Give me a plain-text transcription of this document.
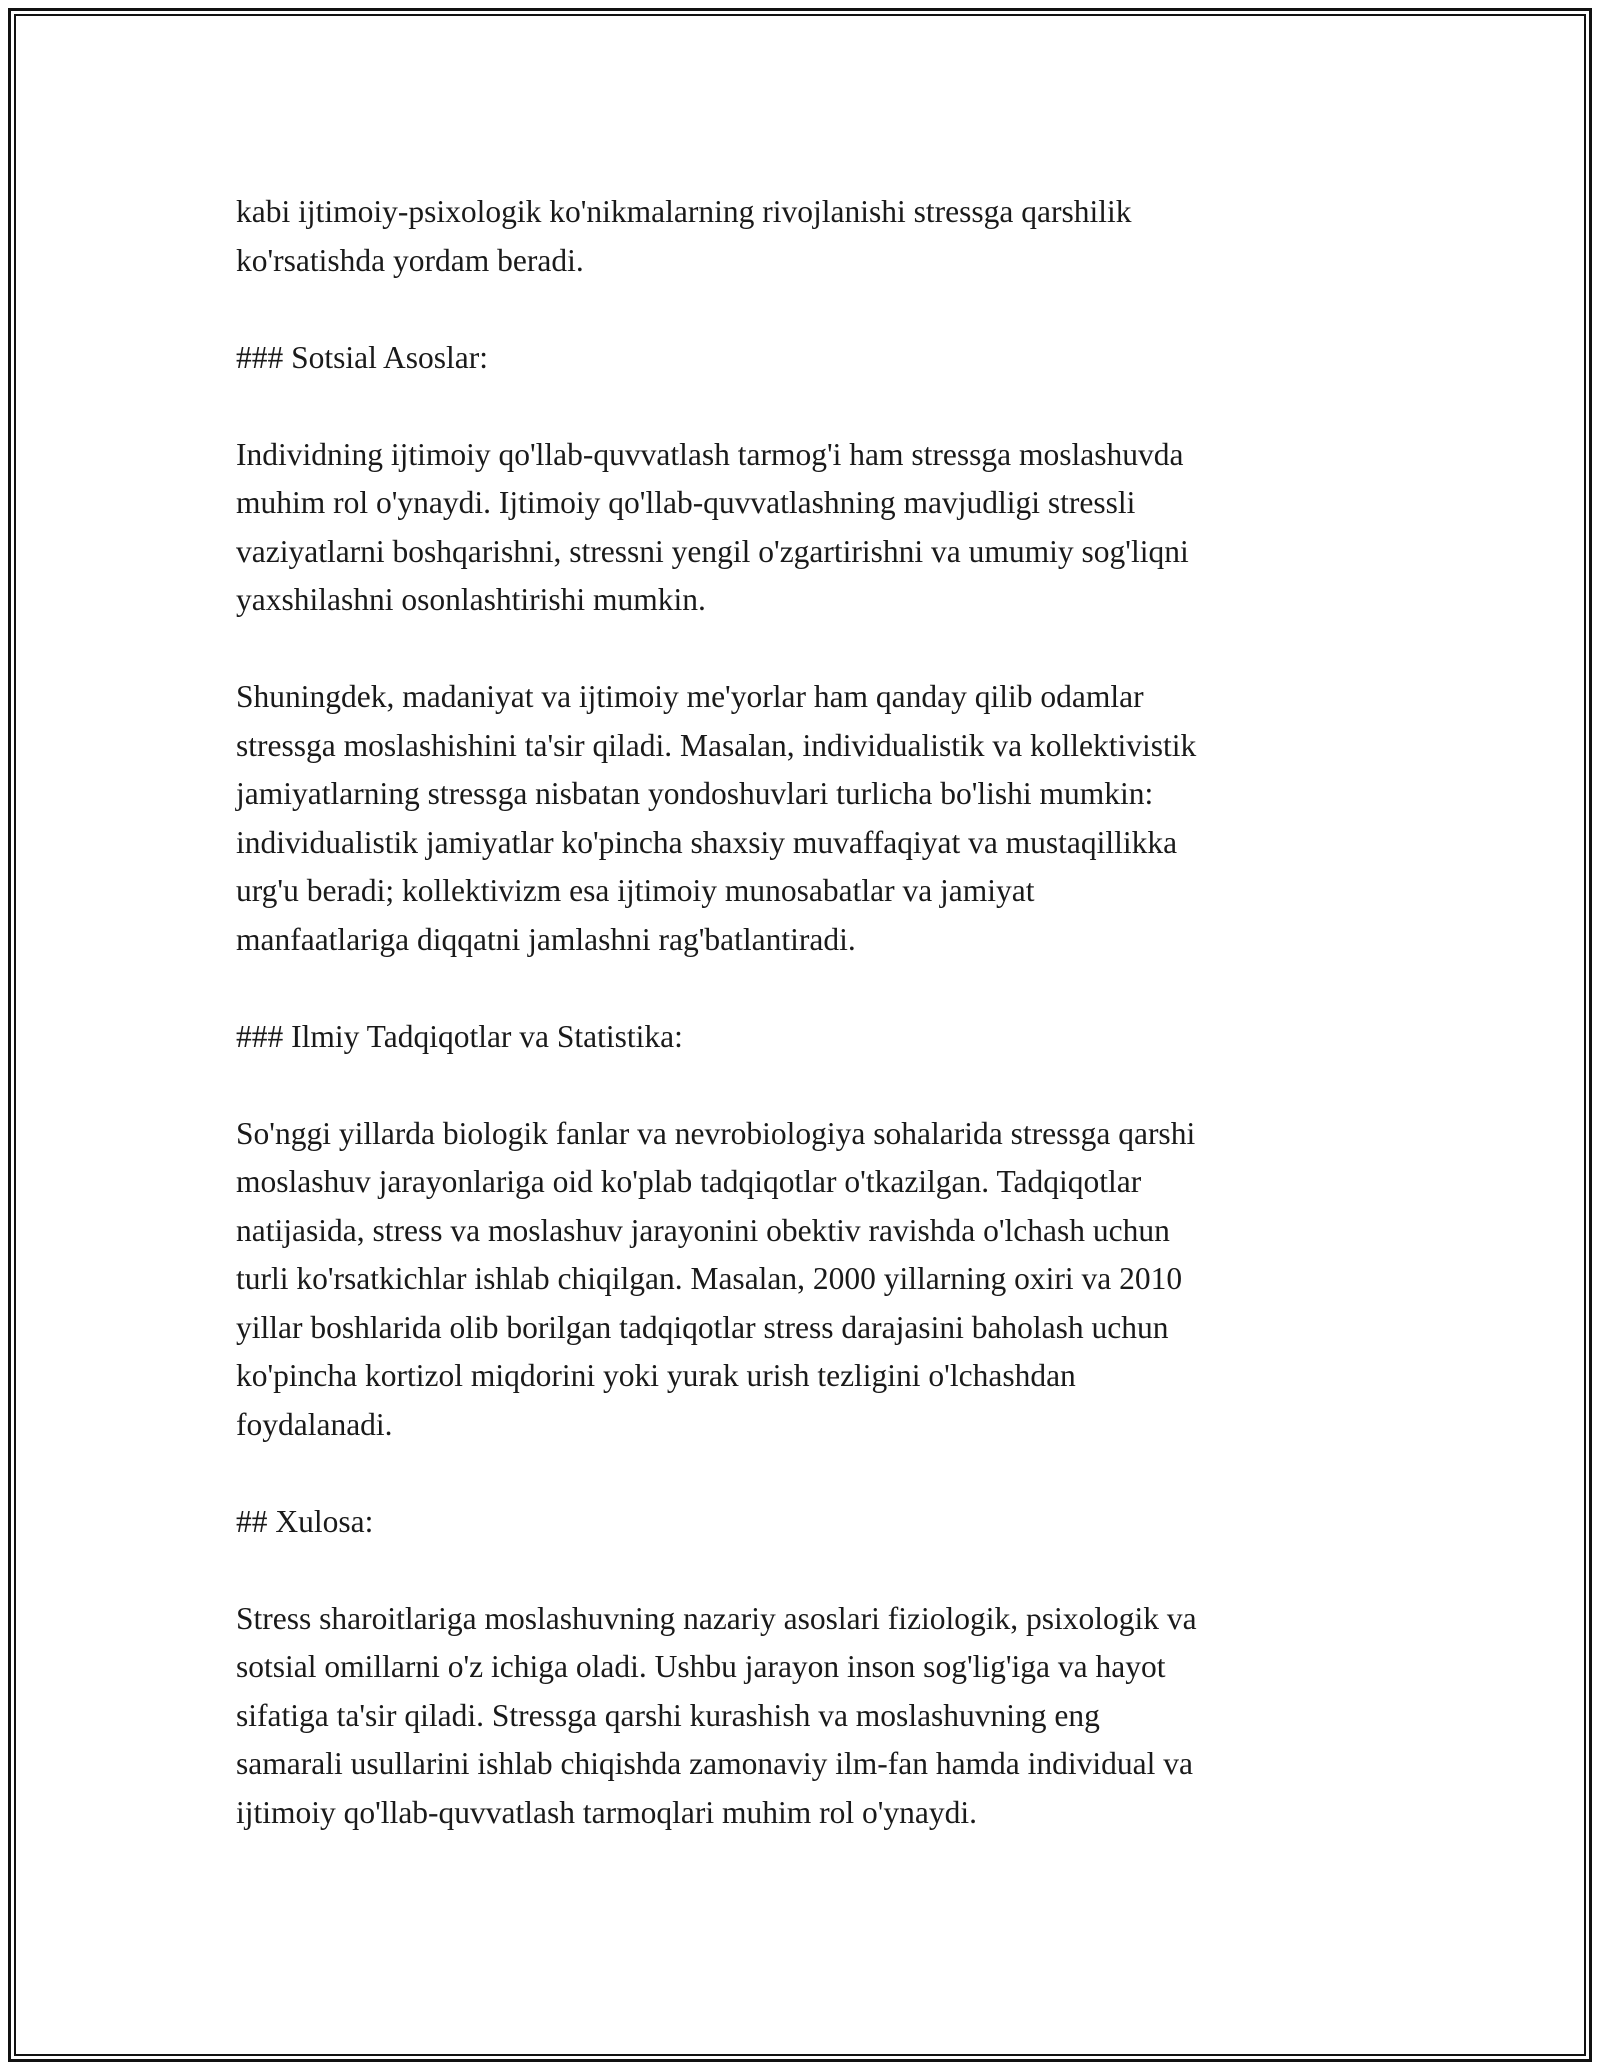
kabi ijtimoiy-psixologik ko'nikmalarning rivojlanishi stressga qarshilik
ko'rsatishda yordam beradi.
### Sotsial Asoslar:
Individning ijtimoiy qo'llab-quvvatlash tarmog'i ham stressga moslashuvda
muhim rol o'ynaydi. Ijtimoiy qo'llab-quvvatlashning mavjudligi stressli
vaziyatlarni boshqarishni, stressni yengil o'zgartirishni va umumiy sog'liqni
yaxshilashni osonlashtirishi mumkin.
Shuningdek, madaniyat va ijtimoiy me'yorlar ham qanday qilib odamlar
stressga moslashishini ta'sir qiladi. Masalan, individualistik va kollektivistik
jamiyatlarning stressga nisbatan yondoshuvlari turlicha bo'lishi mumkin:
individualistik jamiyatlar ko'pincha shaxsiy muvaffaqiyat va mustaqillikka
urg'u beradi; kollektivizm esa ijtimoiy munosabatlar va jamiyat
manfaatlariga diqqatni jamlashni rag'batlantiradi.
### Ilmiy Tadqiqotlar va Statistika:
So'nggi yillarda biologik fanlar va nevrobiologiya sohalarida stressga qarshi
moslashuv jarayonlariga oid ko'plab tadqiqotlar o'tkazilgan. Tadqiqotlar
natijasida, stress va moslashuv jarayonini obektiv ravishda o'lchash uchun
turli ko'rsatkichlar ishlab chiqilgan. Masalan, 2000 yillarning oxiri va 2010
yillar boshlarida olib borilgan tadqiqotlar stress darajasini baholash uchun
ko'pincha kortizol miqdorini yoki yurak urish tezligini o'lchashdan
foydalanadi.
## Xulosa:
Stress sharoitlariga moslashuvning nazariy asoslari fiziologik, psixologik va
sotsial omillarni o'z ichiga oladi. Ushbu jarayon inson sog'lig'iga va hayot
sifatiga ta'sir qiladi. Stressga qarshi kurashish va moslashuvning eng
samarali usullarini ishlab chiqishda zamonaviy ilm-fan hamda individual va
ijtimoiy qo'llab-quvvatlash tarmoqlari muhim rol o'ynaydi.
